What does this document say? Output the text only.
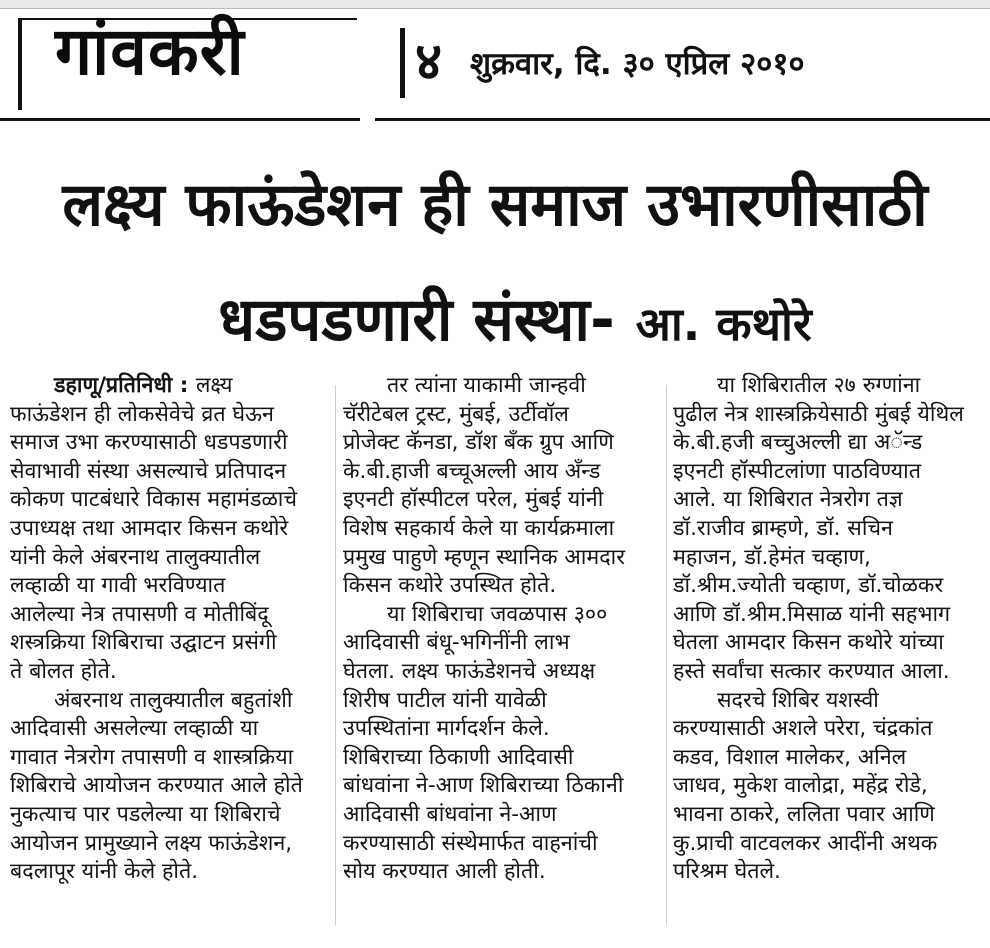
गांवकरी	४ शुक्रवार, दि. ३० एप्रिल २०१०
लक्ष्य फाऊंडेशन ही समाज उभारणीसाठी
धडपडणारी संस्था- आ. कथोरे
डहाणू/प्रतिनिधी : लक्ष्य
फाऊंडेशन ही लोकसेवेचे व्रत घेऊन
समाज उभा करण्यासाठी धडपडणारी
सेवाभावी संस्था असल्याचे प्रतिपादन
कोकण पाटबंधारे विकास महामंडळाचे
उपाध्यक्ष तथा आमदार किसन कथोरे
यांनी केले अंबरनाथ तालुक्यातील
लव्हाळी या गावी भरविण्यात
आलेल्या नेत्र तपासणी व मोतीबिंदू
शस्त्रक्रिया शिबिराचा उद्घाटन प्रसंगी
ते बोलत होते.
अंबरनाथ तालुक्यातील बहुतांशी
आदिवासी असलेल्या लव्हाळी या
गावात नेत्ररोग तपासणी व शास्त्रक्रिया
शिबिराचे आयोजन करण्यात आले होते
नुकत्याच पार पडलेल्या या शिबिराचे
आयोजन प्रामुख्याने लक्ष्य फाऊंडेशन,
बदलापूर यांनी केले होते.
तर त्यांना याकामी जान्हवी
चॅरीटेबल ट्रस्ट, मुंबई, उर्टीवॉल
प्रोजेक्ट कॅनडा, डॉश बँक ग्रुप आणि
के.बी.हाजी बच्चूअल्ली आय अँन्ड
इएनटी हॉस्पीटल परेल, मुंबई यांनी
विशेष सहकार्य केले या कार्यक्रमाला
प्रमुख पाहुणे म्हणून स्थानिक आमदार
किसन कथोरे उपस्थित होते.
या शिबिराचा जवळपास ३००
आदिवासी बंधू-भगिनींनी लाभ
घेतला. लक्ष्य फाऊंडेशनचे अध्यक्ष
शिरीष पाटील यांनी यावेळी
उपस्थितांना मार्गदर्शन केले.
शिबिराच्या ठिकाणी आदिवासी
बांधवांना ने-आण शिबिराच्या ठिकानी
आदिवासी बांधवांना ने-आण
करण्यासाठी संस्थेमार्फत वाहनांची
सोय करण्यात आली होती.
या शिबिरातील २७ रुग्णांना
पुढील नेत्र शास्त्रक्रियेसाठी मुंबई येथिल
के.बी.हजी बच्चुअल्ली द्या अॅन्ड
इएनटी हॉस्पीटलांणा पाठविण्यात
आले. या शिबिरात नेत्ररोग तज्ञ
डॉ.राजीव ब्राम्हणे, डॉ. सचिन
महाजन, डॉ.हेमंत चव्हाण,
डॉ.श्रीम.ज्योती चव्हाण, डॉ.चोळकर
आणि डॉ.श्रीम.मिसाळ यांनी सहभाग
घेतला आमदार किसन कथोरे यांच्या
हस्ते सर्वांचा सत्कार करण्यात आला.
सदरचे शिबिर यशस्वी
करण्यासाठी अशले परेरा, चंद्रकांत
कडव, विशाल मालेकर, अनिल
जाधव, मुकेश वालोद्रा, महेंद्र रोडे,
भावना ठाकरे, ललिता पवार आणि
कु.प्राची वाटवलकर आदींनी अथक
परिश्रम घेतले.
